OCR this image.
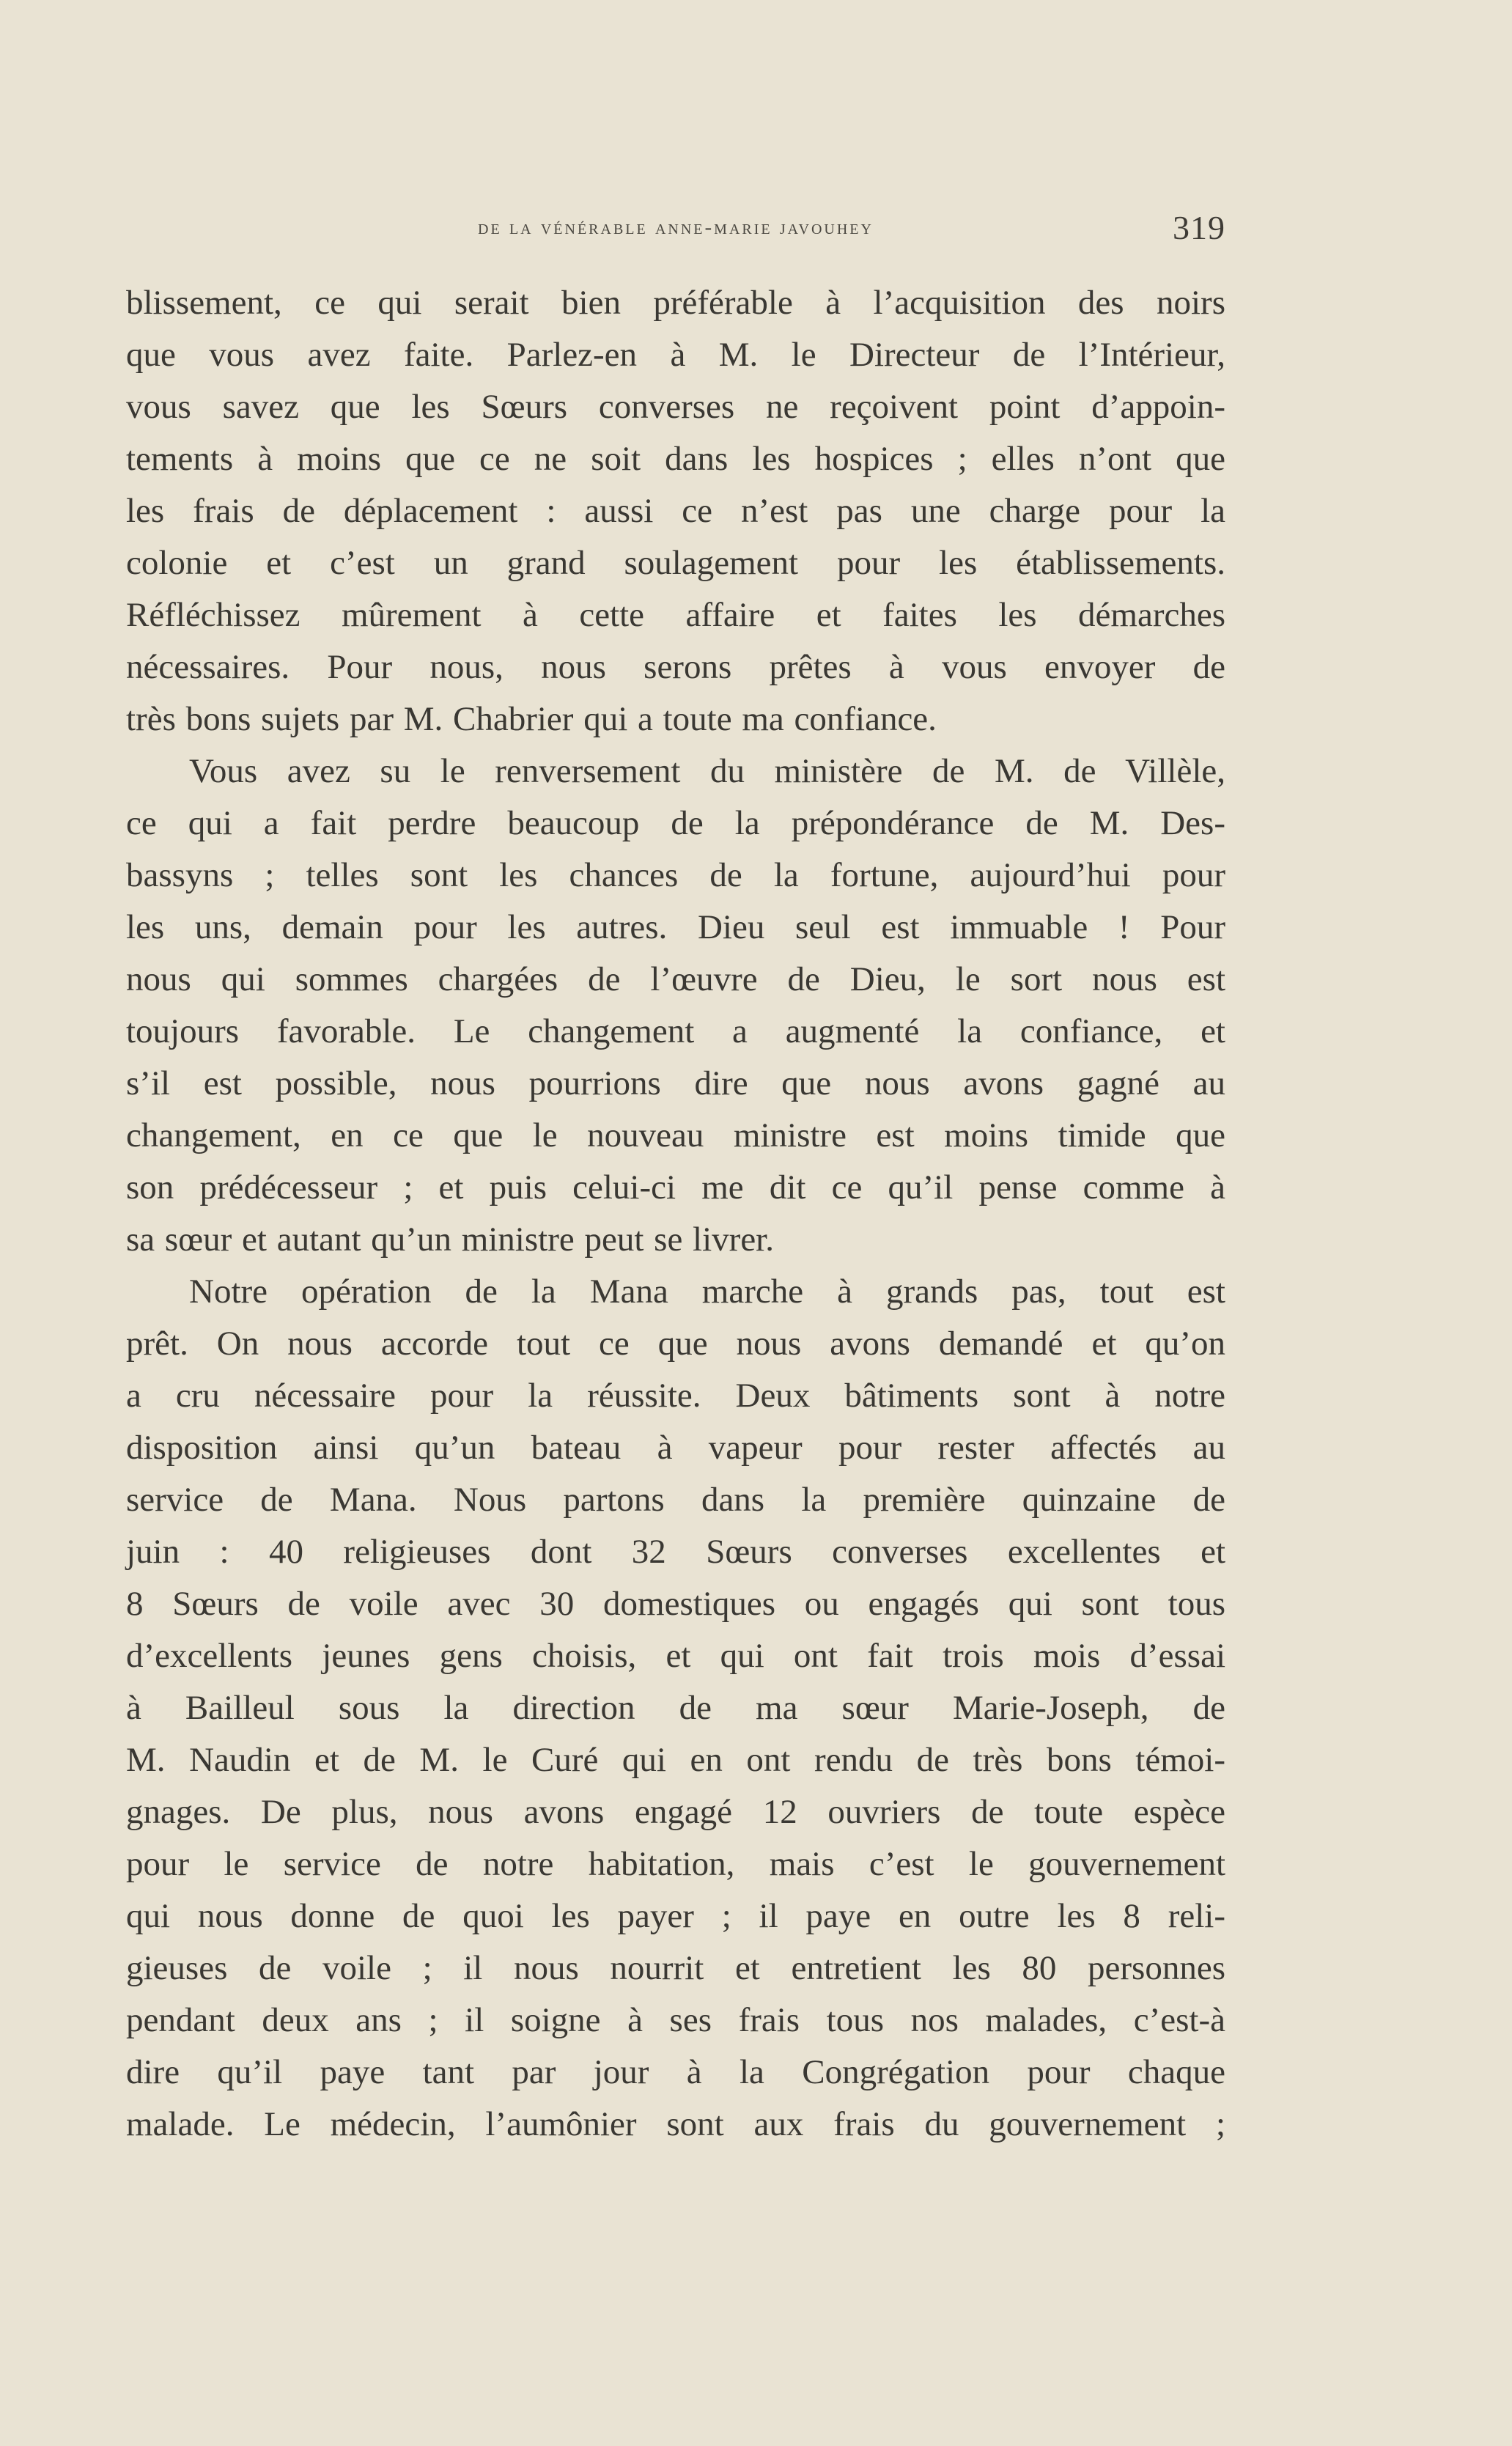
de la vénérable anne-marie javouhey	319
blissement, ce qui serait bien préférable à l’acquisition des noirs
que vous avez faite. Parlez-en à M. le Directeur de l’Intérieur,
vous savez que les Sœurs converses ne reçoivent point d’appoin-
tements à moins que ce ne soit dans les hospices ; elles n’ont que
les frais de déplacement : aussi ce n’est pas une charge pour la
colonie et c’est un grand soulagement pour les établissements.
Réfléchissez mûrement à cette affaire et faites les démarches
nécessaires. Pour nous, nous serons prêtes à vous envoyer de
très bons sujets par M. Chabrier qui a toute ma confiance.
Vous avez su le renversement du ministère de M. de Villèle,
ce qui a fait perdre beaucoup de la prépondérance de M. Des-
bassyns ; telles sont les chances de la fortune, aujourd’hui pour
les uns, demain pour les autres. Dieu seul est immuable ! Pour
nous qui sommes chargées de l’œuvre de Dieu, le sort nous est
toujours favorable. Le changement a augmenté la confiance, et
s’il est possible, nous pourrions dire que nous avons gagné au
changement, en ce que le nouveau ministre est moins timide que
son prédécesseur ; et puis celui-ci me dit ce qu’il pense comme à
sa sœur et autant qu’un ministre peut se livrer.
Notre opération de la Mana marche à grands pas, tout est
prêt. On nous accorde tout ce que nous avons demandé et qu’on
a cru nécessaire pour la réussite. Deux bâtiments sont à notre
disposition ainsi qu’un bateau à vapeur pour rester affectés au
service de Mana. Nous partons dans la première quinzaine de
juin : 40 religieuses dont 32 Sœurs converses excellentes et
8 Sœurs de voile avec 30 domestiques ou engagés qui sont tous
d’excellents jeunes gens choisis, et qui ont fait trois mois d’essai
à Bailleul sous la direction de ma sœur Marie-Joseph, de
M. Naudin et de M. le Curé qui en ont rendu de très bons témoi-
gnages. De plus, nous avons engagé 12 ouvriers de toute espèce
pour le service de notre habitation, mais c’est le gouvernement
qui nous donne de quoi les payer ; il paye en outre les 8 reli-
gieuses de voile ; il nous nourrit et entretient les 80 personnes
pendant deux ans ; il soigne à ses frais tous nos malades, c’est-à
dire qu’il paye tant par jour à la Congrégation pour chaque
malade. Le médecin, l’aumônier sont aux frais du gouvernement ;
